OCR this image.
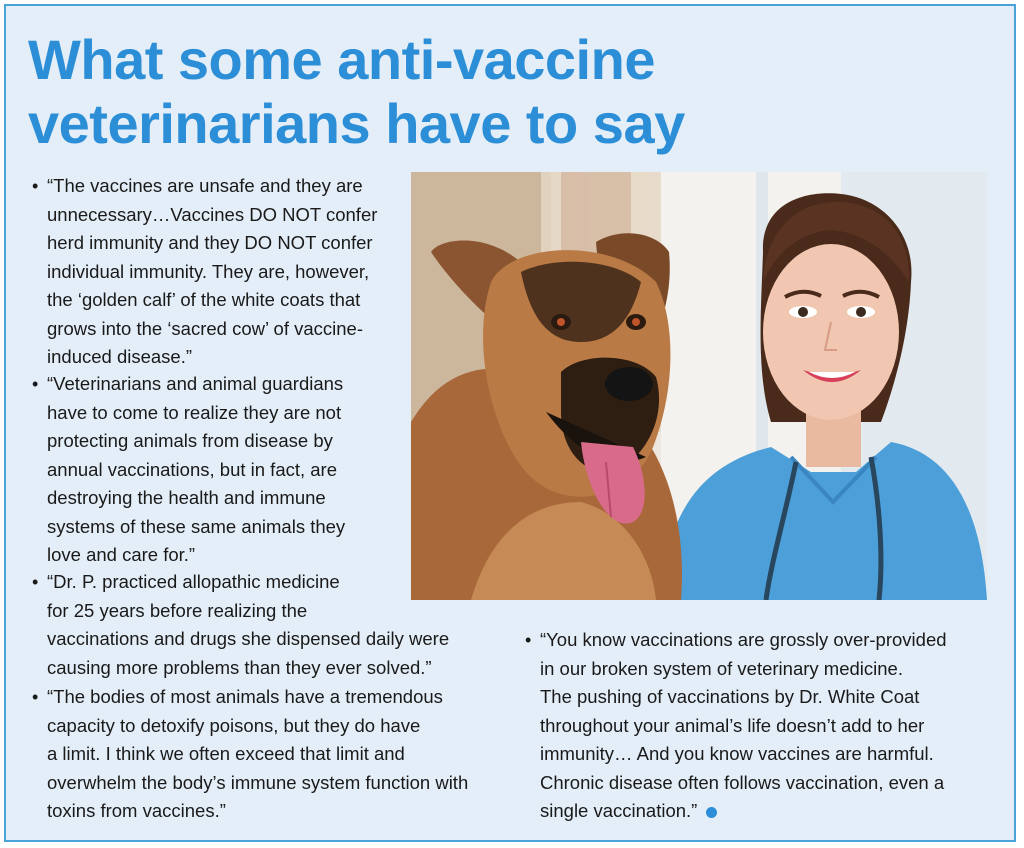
What some anti-vaccine
veterinarians have to say
• “The vaccines are unsafe and they are
unnecessary…Vaccines DO NOT confer
herd immunity and they DO NOT confer
individual immunity. They are, however,
the ‘golden calf’ of the white coats that
grows into the ‘sacred cow’ of vaccine-
induced disease.”
• “Veterinarians and animal guardians
have to come to realize they are not
protecting animals from disease by
annual vaccinations, but in fact, are
destroying the health and immune
systems of these same animals they
love and care for.”
• “Dr. P. practiced allopathic medicine
for 25 years before realizing the
vaccinations and drugs she dispensed daily were
causing more problems than they ever solved.”
• “The bodies of most animals have a tremendous
capacity to detoxify poisons, but they do have
a limit. I think we often exceed that limit and
overwhelm the body’s immune system function with
toxins from vaccines.”
• “You know vaccinations are grossly over-provided
in our broken system of veterinary medicine.
The pushing of vaccinations by Dr. White Coat
throughout your animal’s life doesn’t add to her
immunity… And you know vaccines are harmful.
Chronic disease often follows vaccination, even a
single vaccination.”
